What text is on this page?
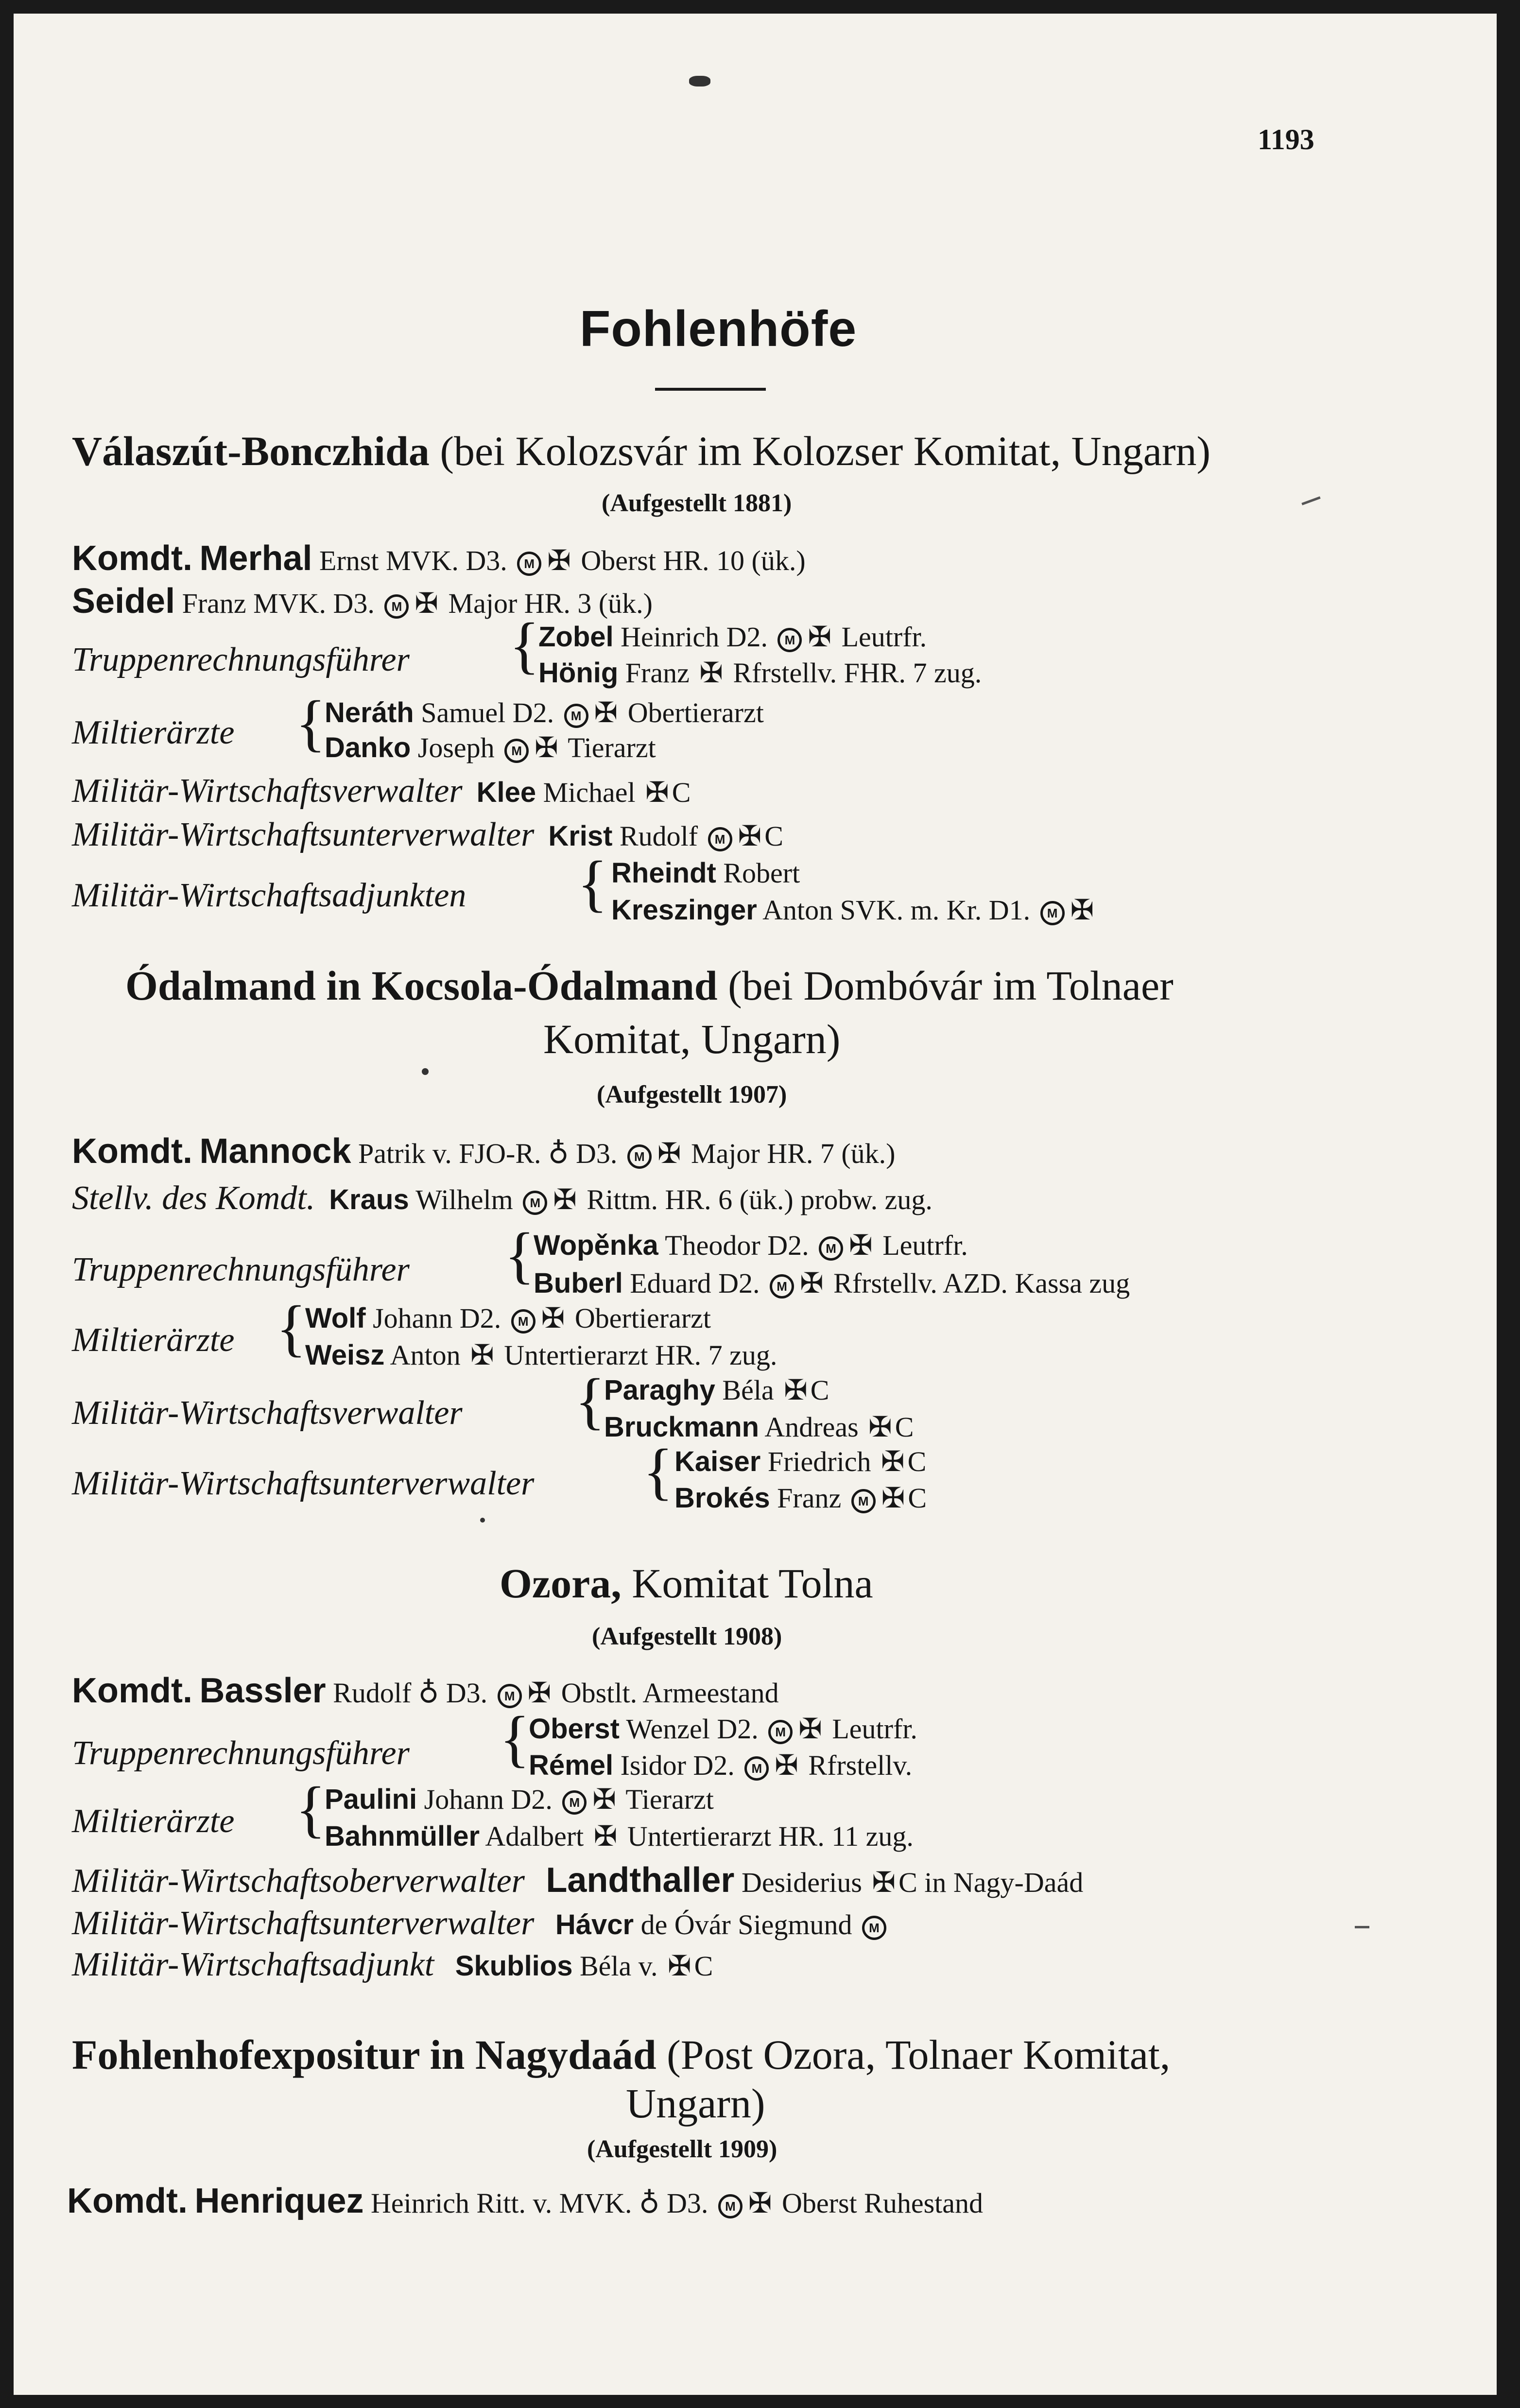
1193
Fohlenhöfe
Válaszút-Bonczhida (bei Kolozsvár im Kolozser Komitat, Ungarn)
(Aufgestellt 1881)
Komdt. Merhal Ernst MVK. D3. M ✠ Oberst HR. 10 (ük.)
Seidel Franz MVK. D3. M ✠ Major HR. 3 (ük.)
Truppenrechnungsführer {
Zobel Heinrich D2. M ✠ Leutrfr.
Hönig Franz ✠ Rfrstellv. FHR. 7 zug.
Miltierärzte {
Neráth Samuel D2. M ✠ Obertierarzt
Danko Joseph M ✠ Tierarzt
Militär-Wirtschaftsverwalter Klee Michael ✠ C
Militär-Wirtschaftsunterverwalter Krist Rudolf M ✠ C
Militär-Wirtschaftsadjunkten { Rheindt Robert
Kreszinger Anton SVK. m. Kr. D1. M ✠
Ódalmand in Kocsola-Ódalmand (bei Dombóvár im Tolnaer
Komitat, Ungarn)
(Aufgestellt 1907)
Komdt. Mannock Patrik v. FJO-R. ♁ D3. M ✠ Major HR. 7 (ük.)
Stellv. des Komdt. Kraus Wilhelm M ✠ Rittm. HR. 6 (ük.) probw. zug.
Truppenrechnungsführer {
Wopěnka Theodor D2. M ✠ Leutrfr.
Buberl Eduard D2. M ✠ Rfrstellv. AZD. Kassa zug
Miltierärzte {
Wolf Johann D2. M ✠ Obertierarzt
Weisz Anton ✠ Untertierarzt HR. 7 zug.
Militär-Wirtschaftsverwalter {
Paraghy Béla ✠ C
Bruckmann Andreas ✠ C
Militär-Wirtschaftsunterverwalter { Kaiser Friedrich ✠ C
Brokés Franz M ✠ C
Ozora, Komitat Tolna
(Aufgestellt 1908)
Komdt. Bassler Rudolf ♁ D3. M ✠ Obstlt. Armeestand
Truppenrechnungsführer {
Oberst Wenzel D2. M ✠ Leutrfr.
Rémel Isidor D2. M ✠ Rfrstellv.
Miltierärzte {
Paulini Johann D2. M ✠ Tierarzt
Bahnmüller Adalbert ✠ Untertierarzt HR. 11 zug.
Militär-Wirtschaftsoberverwalter Landthaller Desiderius ✠ C in Nagy-Daád
Militär-Wirtschaftsunterverwalter Hávcr de Óvár Siegmund M
Militär-Wirtschaftsadjunkt Skublios Béla v. ✠ C
Fohlenhofexpositur in Nagydaád (Post Ozora, Tolnaer Komitat,
Ungarn)
(Aufgestellt 1909)
Komdt. Henriquez Heinrich Ritt. v. MVK. ♁ D3. M ✠ Oberst Ruhestand
